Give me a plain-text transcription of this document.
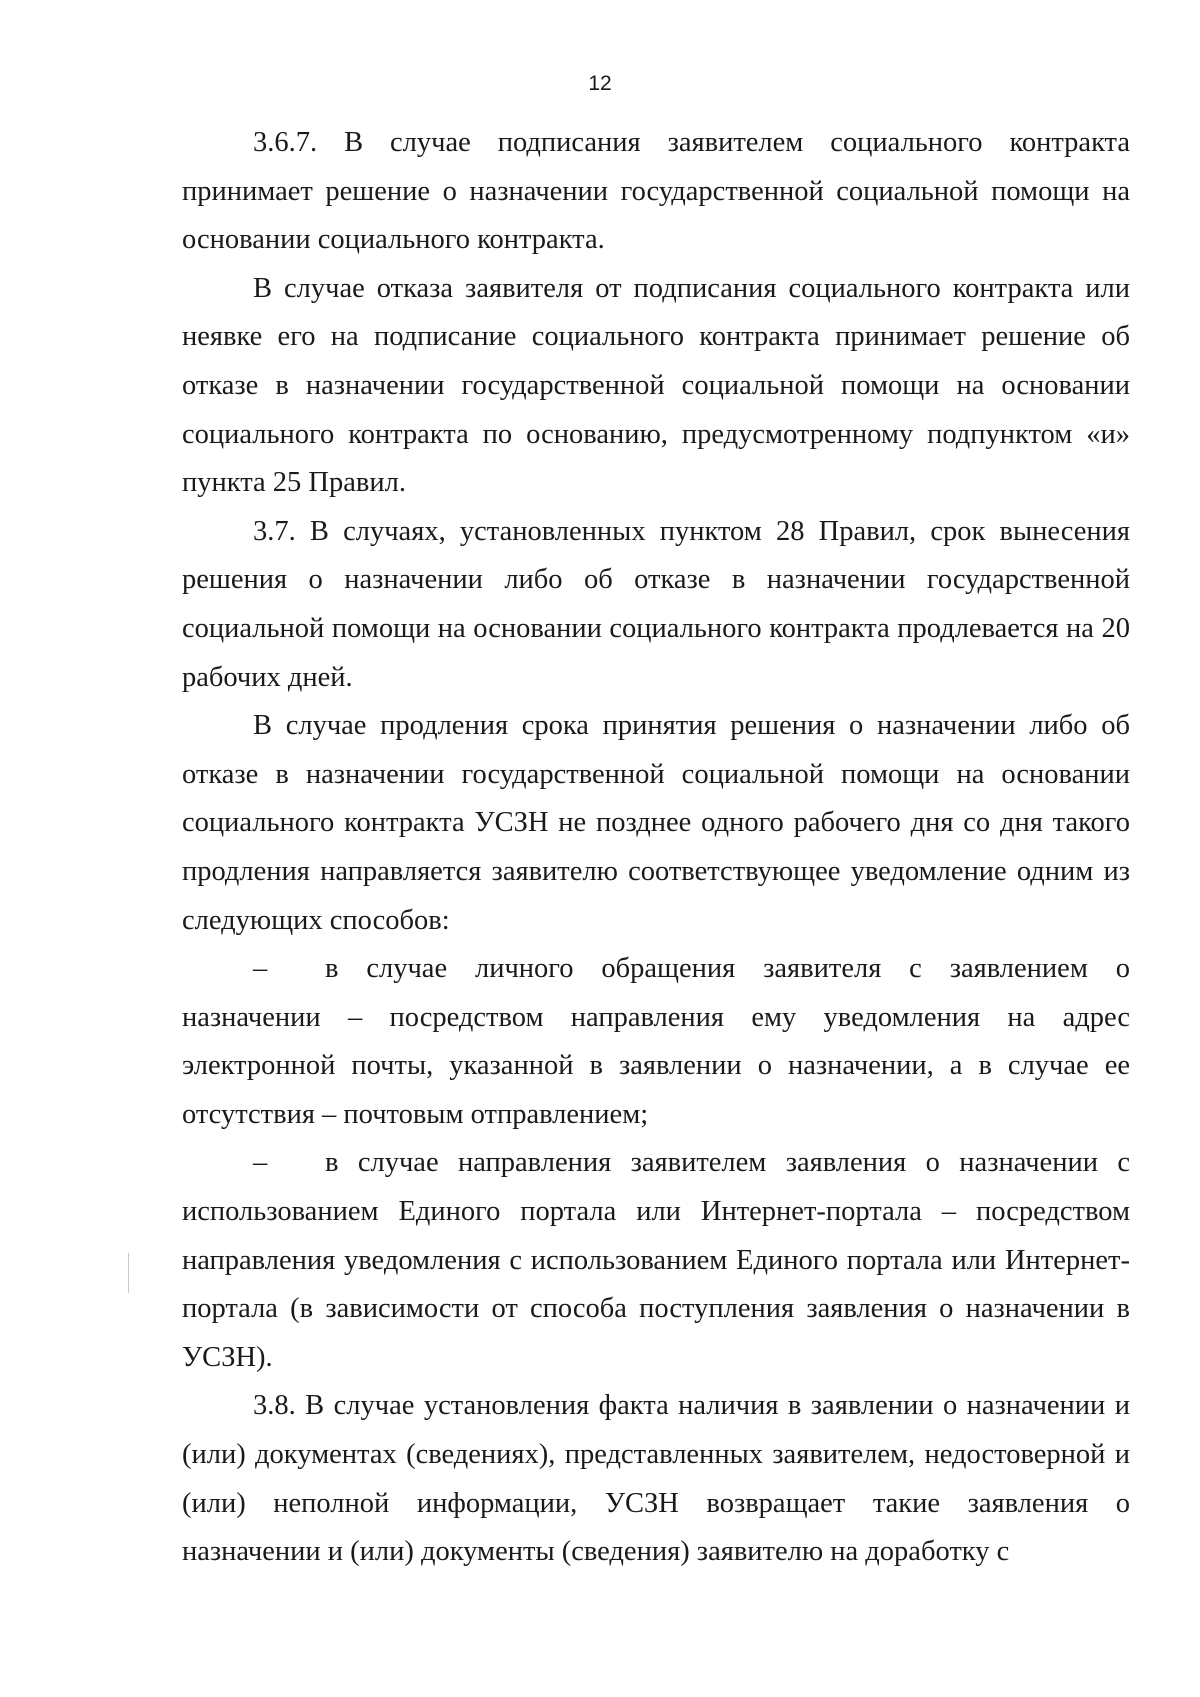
12

3.6.7. В случае подписания заявителем социального контракта принимает решение о назначении государственной социальной помощи на основании социального контракта.

В случае отказа заявителя от подписания социального контракта или неявке его на подписание социального контракта принимает решение об отказе в назначении государственной социальной помощи на основании социального контракта по основанию, предусмотренному подпунктом «и» пункта 25 Правил.

3.7. В случаях, установленных пунктом 28 Правил, срок вынесения решения о назначении либо об отказе в назначении государственной социальной помощи на основании социального контракта продлевается на 20 рабочих дней.

В случае продления срока принятия решения о назначении либо об отказе в назначении государственной социальной помощи на основании социального контракта УСЗН не позднее одного рабочего дня со дня такого продления направляется заявителю соответствующее уведомление одним из следующих способов:

– в случае личного обращения заявителя с заявлением о назначении – посредством направления ему уведомления на адрес электронной почты, указанной в заявлении о назначении, а в случае ее отсутствия – почтовым отправлением;

– в случае направления заявителем заявления о назначении с использованием Единого портала или Интернет-портала – посредством направления уведомления с использованием Единого портала или Интернет-портала (в зависимости от способа поступления заявления о назначении в УСЗН).

3.8. В случае установления факта наличия в заявлении о назначении и (или) документах (сведениях), представленных заявителем, недостоверной и (или) неполной информации, УСЗН возвращает такие заявления о назначении и (или) документы (сведения) заявителю на доработку с
